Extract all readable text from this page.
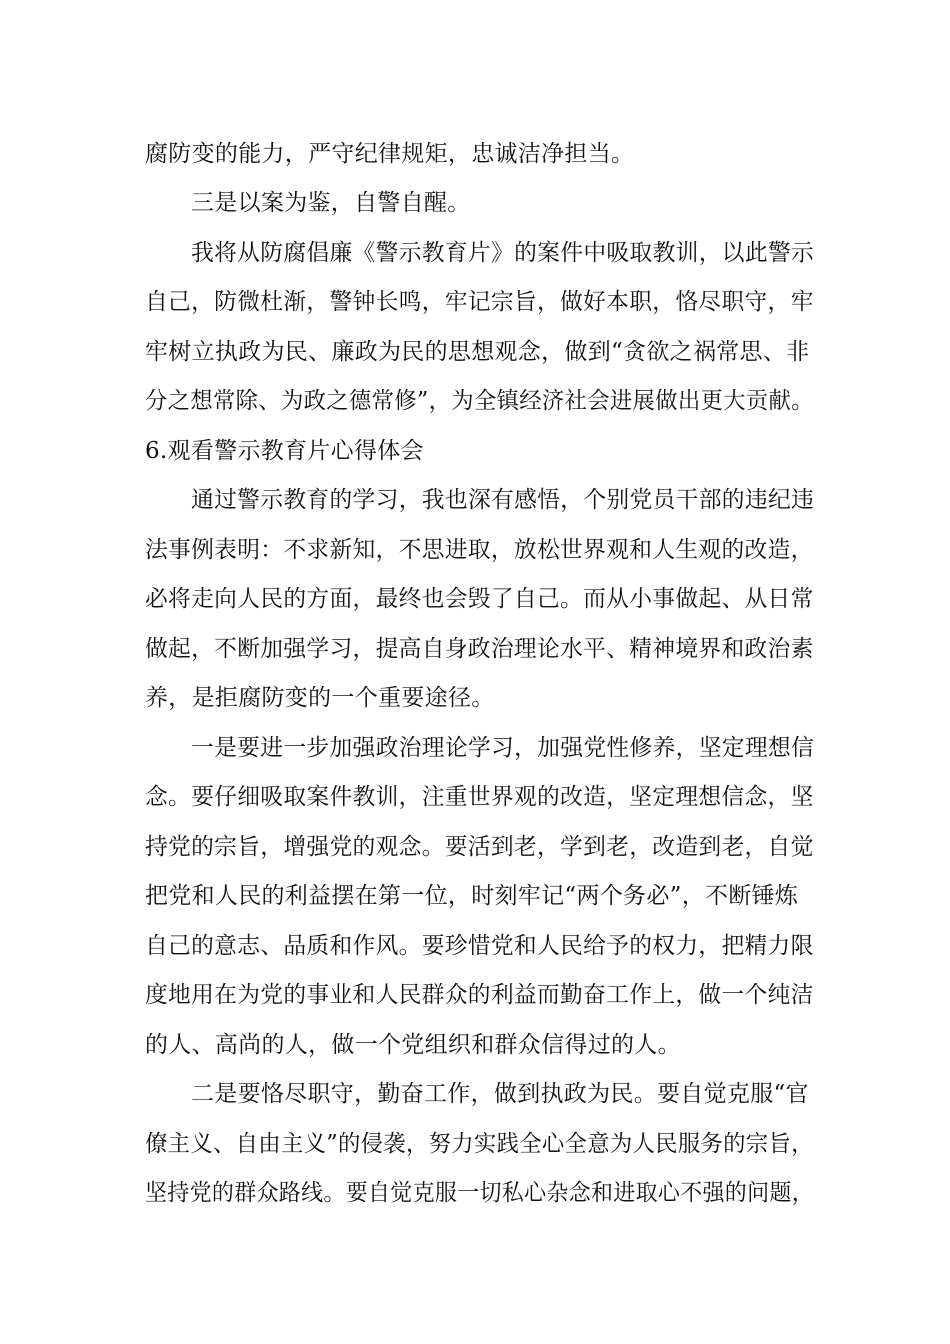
腐防变的能力，严守纪律规矩，忠诚洁净担当。
三是以案为鉴，自警自醒。
我将从防腐倡廉《警示教育片》的案件中吸取教训，以此警示
自己，防微杜渐，警钟长鸣，牢记宗旨，做好本职，恪尽职守，牢
牢树立执政为民、廉政为民的思想观念，做到“贪欲之祸常思、非
分之想常除、为政之德常修”，为全镇经济社会进展做出更大贡献。
6.观看警示教育片心得体会
通过警示教育的学习，我也深有感悟，个别党员干部的违纪违
法事例表明：不求新知，不思进取，放松世界观和人生观的改造，
必将走向人民的方面，最终也会毁了自己。而从小事做起、从日常
做起，不断加强学习，提高自身政治理论水平、精神境界和政治素
养，是拒腐防变的一个重要途径。
一是要进一步加强政治理论学习，加强党性修养，坚定理想信
念。要仔细吸取案件教训，注重世界观的改造，坚定理想信念，坚
持党的宗旨，增强党的观念。要活到老，学到老，改造到老，自觉
把党和人民的利益摆在第一位，时刻牢记“两个务必”，不断锤炼
自己的意志、品质和作风。要珍惜党和人民给予的权力，把精力限
度地用在为党的事业和人民群众的利益而勤奋工作上，做一个纯洁
的人、高尚的人，做一个党组织和群众信得过的人。
二是要恪尽职守，勤奋工作，做到执政为民。要自觉克服“官
僚主义、自由主义”的侵袭，努力实践全心全意为人民服务的宗旨，
坚持党的群众路线。要自觉克服一切私心杂念和进取心不强的问题，
